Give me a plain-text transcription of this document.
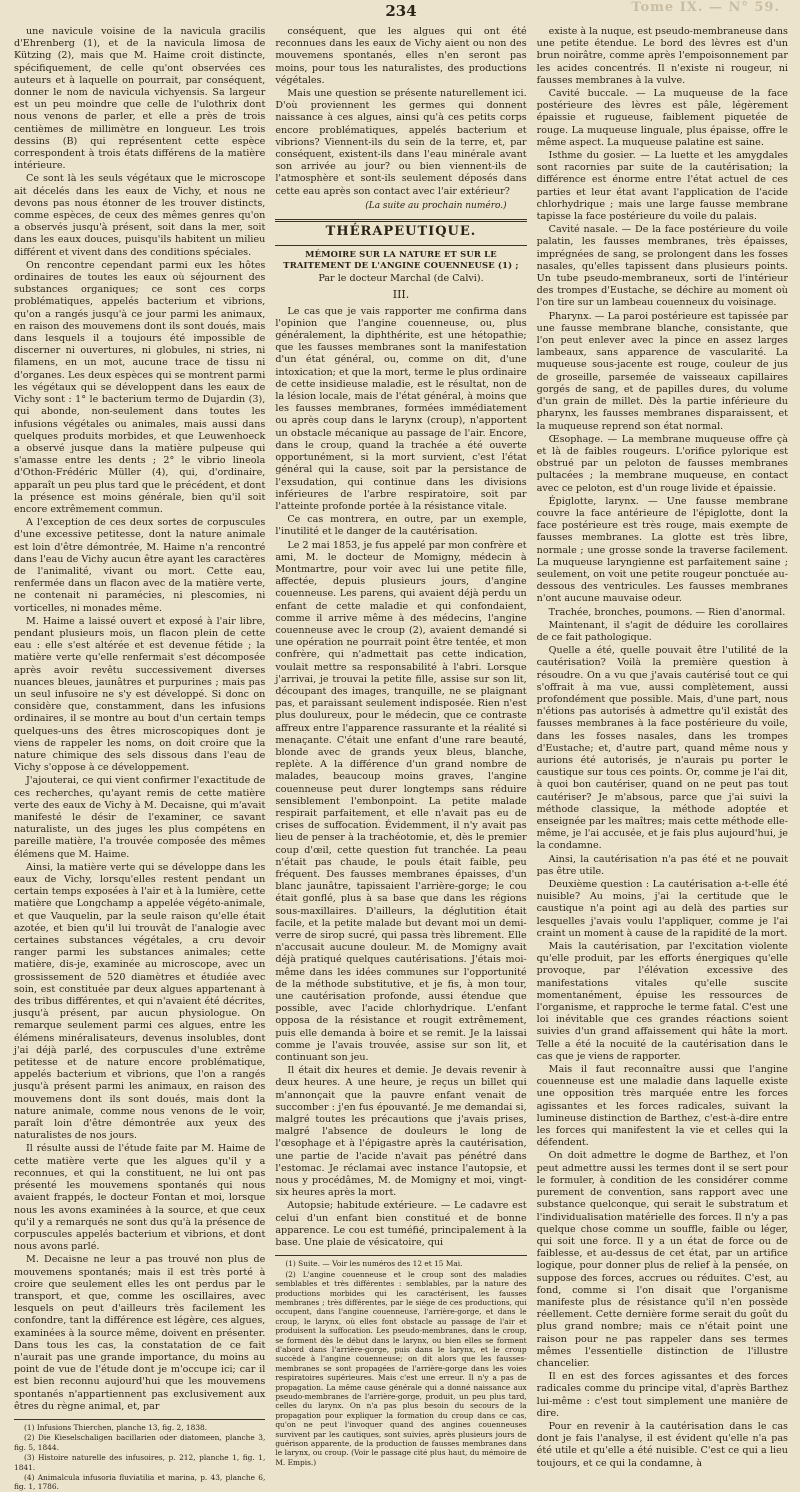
234	Tome IX. — N° 59.

une navicule voisine de la navicula gracilis d'Ehrenberg (1), et de la navicula limosa de Kützing (2), mais que M. Haime croit distincte, spécifiquement, de celle qu'ont observées ces auteurs et à laquelle on pourrait, par conséquent, donner le nom de navicula vichyensis. Sa largeur est un peu moindre que celle de l'ulothrix dont nous venons de parler, et elle a près de trois centièmes de millimètre en longueur. Les trois dessins (B) qui représentent cette espèce correspondent à trois états différens de la matière intérieure.

Ce sont là les seuls végétaux que le microscope ait décelés dans les eaux de Vichy, et nous ne devons pas nous étonner de les trouver distincts, comme espèces, de ceux des mêmes genres qu'on a observés jusqu'à présent, soit dans la mer, soit dans les eaux douces, puisqu'ils habitent un milieu différent et vivent dans des conditions spéciales.

On rencontre cependant parmi eux les hôtes ordinaires de toutes les eaux où séjournent des substances organiques; ce sont ces corps problématiques, appelés bacterium et vibrions, qu'on a rangés jusqu'à ce jour parmi les animaux, en raison des mouvemens dont ils sont doués, mais dans lesquels il a toujours été impossible de discerner ni ouvertures, ni globules, ni stries, ni filamens, en un mot, aucune trace de tissu ni d'organes. Les deux espèces qui se montrent parmi les végétaux qui se développent dans les eaux de Vichy sont : 1° le bacterium termo de Dujardin (3), qui abonde, non-seulement dans toutes les infusions végétales ou animales, mais aussi dans quelques produits morbides, et que Leuwenhoeck a observé jusque dans la matière pulpeuse qui s'amasse entre les dents ; 2° le vibrio lineola d'Othon-Frédéric Müller (4), qui, d'ordinaire, apparaît un peu plus tard que le précédent, et dont la présence est moins générale, bien qu'il soit encore extrêmement commun.

A l'exception de ces deux sortes de corpuscules d'une excessive petitesse, dont la nature animale est loin d'être démontrée, M. Haime n'a rencontré dans l'eau de Vichy aucun être ayant les caractères de l'animalité, vivant ou mort. Cette eau, renfermée dans un flacon avec de la matière verte, ne contenait ni paramécies, ni plescomies, ni vorticelles, ni monades même.

M. Haime a laissé ouvert et exposé à l'air libre, pendant plusieurs mois, un flacon plein de cette eau : elle s'est altérée et est devenue fétide ; la matière verte qu'elle renfermait s'est décomposée après avoir revêtu successivement diverses nuances bleues, jaunâtres et purpurines ; mais pas un seul infusoire ne s'y est développé. Si donc on considère que, constamment, dans les infusions ordinaires, il se montre au bout d'un certain temps quelques-uns des êtres microscopiques dont je viens de rappeler les noms, on doit croire que la nature chimique des sels dissous dans l'eau de Vichy s'oppose à ce développement.

J'ajouterai, ce qui vient confirmer l'exactitude de ces recherches, qu'ayant remis de cette matière verte des eaux de Vichy à M. Decaisne, qui m'avait manifesté le désir de l'examiner, ce savant naturaliste, un des juges les plus compétens en pareille matière, l'a trouvée composée des mêmes élémens que M. Haime.

Ainsi, la matière verte qui se développe dans les eaux de Vichy, lorsqu'elles restent pendant un certain temps exposées à l'air et à la lumière, cette matière que Longchamp a appelée végéto-animale, et que Vauquelin, par la seule raison qu'elle était azotée, et bien qu'il lui trouvât de l'analogie avec certaines substances végétales, a cru devoir ranger parmi les substances animales; cette matière, dis-je, examinée au microscope, avec un grossissement de 520 diamètres et étudiée avec soin, est constituée par deux algues appartenant à des tribus différentes, et qui n'avaient été décrites, jusqu'à présent, par aucun physiologue. On remarque seulement parmi ces algues, entre les élémens minéralisateurs, devenus insolubles, dont j'ai déjà parlé, des corpuscules d'une extrême petitesse et de nature encore problématique, appelés bacterium et vibrions, que l'on a rangés jusqu'à présent parmi les animaux, en raison des mouvemens dont ils sont doués, mais dont la nature animale, comme nous venons de le voir, paraît loin d'être démontrée aux yeux des naturalistes de nos jours.

Il résulte aussi de l'étude faite par M. Haime de cette matière verte que les algues qu'il y a reconnues, et qui la constituent, ne lui ont pas présenté les mouvemens spontanés qui nous avaient frappés, le docteur Fontan et moi, lorsque nous les avons examinées à la source, et que ceux qu'il y a remarqués ne sont dus qu'à la présence de corpuscules appelés bacterium et vibrions, et dont nous avons parlé.

M. Decaisne ne leur a pas trouvé non plus de mouvemens spontanés; mais il est très porté à croire que seulement elles les ont perdus par le transport, et que, comme les oscillaires, avec lesquels on peut d'ailleurs très facilement les confondre, tant la différence est légère, ces algues, examinées à la source même, doivent en présenter. Dans tous les cas, la constatation de ce fait n'aurait pas une grande importance, du moins au point de vue de l'étude dont je m'occupe ici; car il est bien reconnu aujourd'hui que les mouvemens spontanés n'appartiennent pas exclusivement aux êtres du règne animal, et, par

(1) Infusions Thierchen, planche 13, fig. 2, 1838.

(2) Die Kieselschaligen bacillarien oder diatomeen, planche 3, fig. 5, 1844.

(3) Histoire naturelle des infusoires, p. 212, planche 1, fig. 1, 1841.

(4) Animalcula infusoria fluviatilia et marina, p. 43, planche 6, fig. 1, 1786.

conséquent, que les algues qui ont été reconnues dans les eaux de Vichy aient ou non des mouvemens spontanés, elles n'en seront pas moins, pour tous les naturalistes, des productions végétales.

Mais une question se présente naturellement ici. D'où proviennent les germes qui donnent naissance à ces algues, ainsi qu'à ces petits corps encore problématiques, appelés bacterium et vibrions? Viennent-ils du sein de la terre, et, par conséquent, existent-ils dans l'eau minérale avant son arrivée au jour? ou bien viennent-ils de l'atmosphère et sont-ils seulement déposés dans cette eau après son contact avec l'air extérieur?

(La suite au prochain numéro.)
THÉRAPEUTIQUE.
MÉMOIRE SUR LA NATURE ET SUR LE TRAITEMENT DE L'ANGINE COUENNEUSE (1) ;
Par le docteur Marchal (de Calvi).
III.

Le cas que je vais rapporter me confirma dans l'opinion que l'angine couenneuse, ou, plus généralement, la diphthérite, est une hétopathie; que les fausses membranes sont la manifestation d'un état général, ou, comme on dit, d'une intoxication; et que la mort, terme le plus ordinaire de cette insidieuse maladie, est le résultat, non de la lésion locale, mais de l'état général, à moins que les fausses membranes, formées immédiatement ou après coup dans le larynx (croup), n'apportent un obstacle mécanique au passage de l'air. Encore, dans le croup, quand la trachée a été ouverte opportunément, si la mort survient, c'est l'état général qui la cause, soit par la persistance de l'exsudation, qui continue dans les divisions inférieures de l'arbre respiratoire, soit par l'atteinte profonde portée à la résistance vitale.

Ce cas montrera, en outre, par un exemple, l'inutilité et le danger de la cautérisation.

Le 2 mai 1853, je fus appelé par mon confrère et ami, M. le docteur de Momigny, médecin à Montmartre, pour voir avec lui une petite fille, affectée, depuis plusieurs jours, d'angine couenneuse. Les parens, qui avaient déjà perdu un enfant de cette maladie et qui confondaient, comme il arrive même à des médecins, l'angine couenneuse avec le croup (2), avaient demandé si une opération ne pourrait point être tentée, et mon confrère, qui n'admettait pas cette indication, voulait mettre sa responsabilité à l'abri. Lorsque j'arrivai, je trouvai la petite fille, assise sur son lit, découpant des images, tranquille, ne se plaignant pas, et paraissant seulement indisposée. Rien n'est plus doulureux, pour le médecin, que ce contraste affreux entre l'apparence rassurante et la réalité si menaçante. C'était une enfant d'une rare beauté, blonde avec de grands yeux bleus, blanche, replète. A la différence d'un grand nombre de malades, beaucoup moins graves, l'angine couenneuse peut durer longtemps sans réduire sensiblement l'embonpoint. La petite malade respirait parfaitement, et elle n'avait pas eu de crises de suffocation. Évidemment, il n'y avait pas lieu de penser à la trachéotomie, et, dès le premier coup d'œil, cette question fut tranchée. La peau n'était pas chaude, le pouls était faible, peu fréquent. Des fausses membranes épaisses, d'un blanc jaunâtre, tapissaient l'arrière-gorge; le cou était gonflé, plus à sa base que dans les régions sous-maxillaires. D'ailleurs, la déglutition était facile, et la petite malade but devant moi un demi-verre de sirop sucré, qui passa très librement. Elle n'accusait aucune douleur. M. de Momigny avait déjà pratiqué quelques cautérisations. J'étais moi-même dans les idées communes sur l'opportunité de la méthode substitutive, et je fis, à mon tour, une cautérisation profonde, aussi étendue que possible, avec l'acide chlorhydrique. L'enfant opposa de la résistance et rougit extrêmement, puis elle demanda à boire et se remit. Je la laissai comme je l'avais trouvée, assise sur son lit, et continuant son jeu.

Il était dix heures et demie. Je devais revenir à deux heures. A une heure, je reçus un billet qui m'annonçait que la pauvre enfant venait de succomber : j'en fus épouvanté. Je me demandai si, malgré toutes les précautions que j'avais prises, malgré l'absence de douleurs le long de l'œsophage et à l'épigastre après la cautérisation, une partie de l'acide n'avait pas pénétré dans l'estomac. Je réclamai avec instance l'autopsie, et nous y procédâmes, M. de Momigny et moi, vingt-six heures après la mort.

Autopsie; habitude extérieure. — Le cadavre est celui d'un enfant bien constitué et de bonne apparence. Le cou est tuméfié, principalement à la base. Une plaie de vésicatoire, qui

(1) Suite. — Voir les numéros des 12 et 15 Mai.

(2) L'angine couenneuse et le croup sont des maladies semblables et très différentes : semblables, par la nature des productions morbides qui les caractérisent, les fausses membranes ; très différentes, par le siége de ces productions, qui occupent, dans l'angine couenneuse, l'arrière-gorge, et dans le croup, le larynx, où elles font obstacle au passage de l'air et produisent la suffocation. Les pseudo-membranes, dans le croup, se forment dès le début dans le larynx, ou bien elles se forment d'abord dans l'arrière-gorge, puis dans le larynx, et le croup succède à l'angine couenneuse; on dit alors que les fausses-membranes se sont propagées de l'arrière-gorge dans les voies respiratoires supérieures. Mais c'est une erreur. Il n'y a pas de propagation. La même cause générale qui a donné naissance aux pseudo-membranes de l'arrière-gorge, produit, un peu plus tard, celles du larynx. On n'a pas plus besoin du secours de la propagation pour expliquer la formation du croup dans ce cas, qu'on ne peut l'invoquer quand des angines couenneuses survivent par les cautiques, sont suivies, après plusieurs jours de guérison apparente, de la production de fausses membranes dans le larynx, ou croup. (Voir le passage cité plus haut, du mémoire de M. Empis.)

existe à la nuque, est pseudo-membraneuse dans une petite étendue. Le bord des lèvres est d'un brun noirâtre, comme après l'empoisonnement par les acides concentrés. Il n'existe ni rougeur, ni fausses membranes à la vulve.

Cavité buccale. — La muqueuse de la face postérieure des lèvres est pâle, légèrement épaissie et rugueuse, faiblement piquetée de rouge. La muqueuse linguale, plus épaisse, offre le même aspect. La muqueuse palatine est saine.

Isthme du gosier. — La luette et les amygdales sont racornies par suite de la cautérisation; la différence est énorme entre l'état actuel de ces parties et leur état avant l'application de l'acide chlorhydrique ; mais une large fausse membrane tapisse la face postérieure du voile du palais.

Cavité nasale. — De la face postérieure du voile palatin, les fausses membranes, très épaisses, imprégnées de sang, se prolongent dans les fosses nasales, qu'elles tapissent dans plusieurs points. Un tube pseudo-membraneux, sorti de l'intérieur des trompes d'Eustache, se déchire au moment où l'on tire sur un lambeau couenneux du voisinage.

Pharynx. — La paroi postérieure est tapissée par une fausse membrane blanche, consistante, que l'on peut enlever avec la pince en assez larges lambeaux, sans apparence de vascularité. La muqueuse sous-jacente est rouge, couleur de jus de groseille, parsemée de vaisseaux capillaires gorgés de sang, et de papilles dures, du volume d'un grain de millet. Dès la partie inférieure du pharynx, les fausses membranes disparaissent, et la muqueuse reprend son état normal.

Œsophage. — La membrane muqueuse offre çà et là de faibles rougeurs. L'orifice pylorique est obstrué par un peloton de fausses membranes pultacées ; la membrane muqueuse, en contact avec ce peloton, est d'un rouge livide et épaissie.

Épiglotte, larynx. — Une fausse membrane couvre la face antérieure de l'épiglotte, dont la face postérieure est très rouge, mais exempte de fausses membranes. La glotte est très libre, normale ; une grosse sonde la traverse facilement. La muqueuse laryngienne est parfaitement saine ; seulement, on voit une petite rougeur ponctuée au-dessous des ventricules. Les fausses membranes n'ont aucune mauvaise odeur.

Trachée, bronches, poumons. — Rien d'anormal.

Maintenant, il s'agit de déduire les corollaires de ce fait pathologique.

Quelle a été, quelle pouvait être l'utilité de la cautérisation? Voilà la première question à résoudre. On a vu que j'avais cautérisé tout ce qui s'offrait à ma vue, aussi complètement, aussi profondément que possible. Mais, d'une part, nous n'étions pas autorisés à admettre qu'il existât des fausses membranes à la face postérieure du voile, dans les fosses nasales, dans les trompes d'Eustache; et, d'autre part, quand même nous y aurions été autorisés, je n'aurais pu porter le caustique sur tous ces points. Or, comme je l'ai dit, à quoi bon cautériser, quand on ne peut pas tout cautériser? Je m'absous, parce que j'ai suivi la méthode classique, la méthode adoptée et enseignée par les maîtres; mais cette méthode elle-même, je l'ai accusée, et je fais plus aujourd'hui, je la condamne.

Ainsi, la cautérisation n'a pas été et ne pouvait pas être utile.

Deuxième question : La cautérisation a-t-elle été nuisible? Au moins, j'ai la certitude que le caustique n'a point agi au delà des parties sur lesquelles j'avais voulu l'appliquer, comme je l'ai craint un moment à cause de la rapidité de la mort.

Mais la cautérisation, par l'excitation violente qu'elle produit, par les efforts énergiques qu'elle provoque, par l'élévation excessive des manifestations vitales qu'elle suscite momentanément, épuise les ressources de l'organisme, et rapproche le terme fatal. C'est une loi inévitable que ces grandes réactions soient suivies d'un grand affaissement qui hâte la mort. Telle a été la nocuité de la cautérisation dans le cas que je viens de rapporter.

Mais il faut reconnaître aussi que l'angine couenneuse est une maladie dans laquelle existe une opposition très marquée entre les forces agissantes et les forces radicales, suivant la lumineuse distinction de Barthez, c'est-à-dire entre les forces qui manifestent la vie et celles qui la défendent.

On doit admettre le dogme de Barthez, et l'on peut admettre aussi les termes dont il se sert pour le formuler, à condition de les considérer comme purement de convention, sans rapport avec une substance quelconque, qui serait le substratum et l'individualisation matérielle des forces. Il n'y a pas quelque chose comme un souffle, faible ou léger, qui soit une force. Il y a un état de force ou de faiblesse, et au-dessus de cet état, par un artifice logique, pour donner plus de relief à la pensée, on suppose des forces, accrues ou réduites. C'est, au fond, comme si l'on disait que l'organisme manifeste plus de résistance qu'il n'en possède réellement. Cette dernière forme serait du goût du plus grand nombre; mais ce n'était point une raison pour ne pas rappeler dans ses termes mêmes l'essentielle distinction de l'illustre chancelier.

Il en est des forces agissantes et des forces radicales comme du principe vital, d'après Barthez lui-même : c'est tout simplement une manière de dire.

Pour en revenir à la cautérisation dans le cas dont je fais l'analyse, il est évident qu'elle n'a pas été utile et qu'elle a été nuisible. C'est ce qui a lieu toujours, et ce qui la condamne, à
